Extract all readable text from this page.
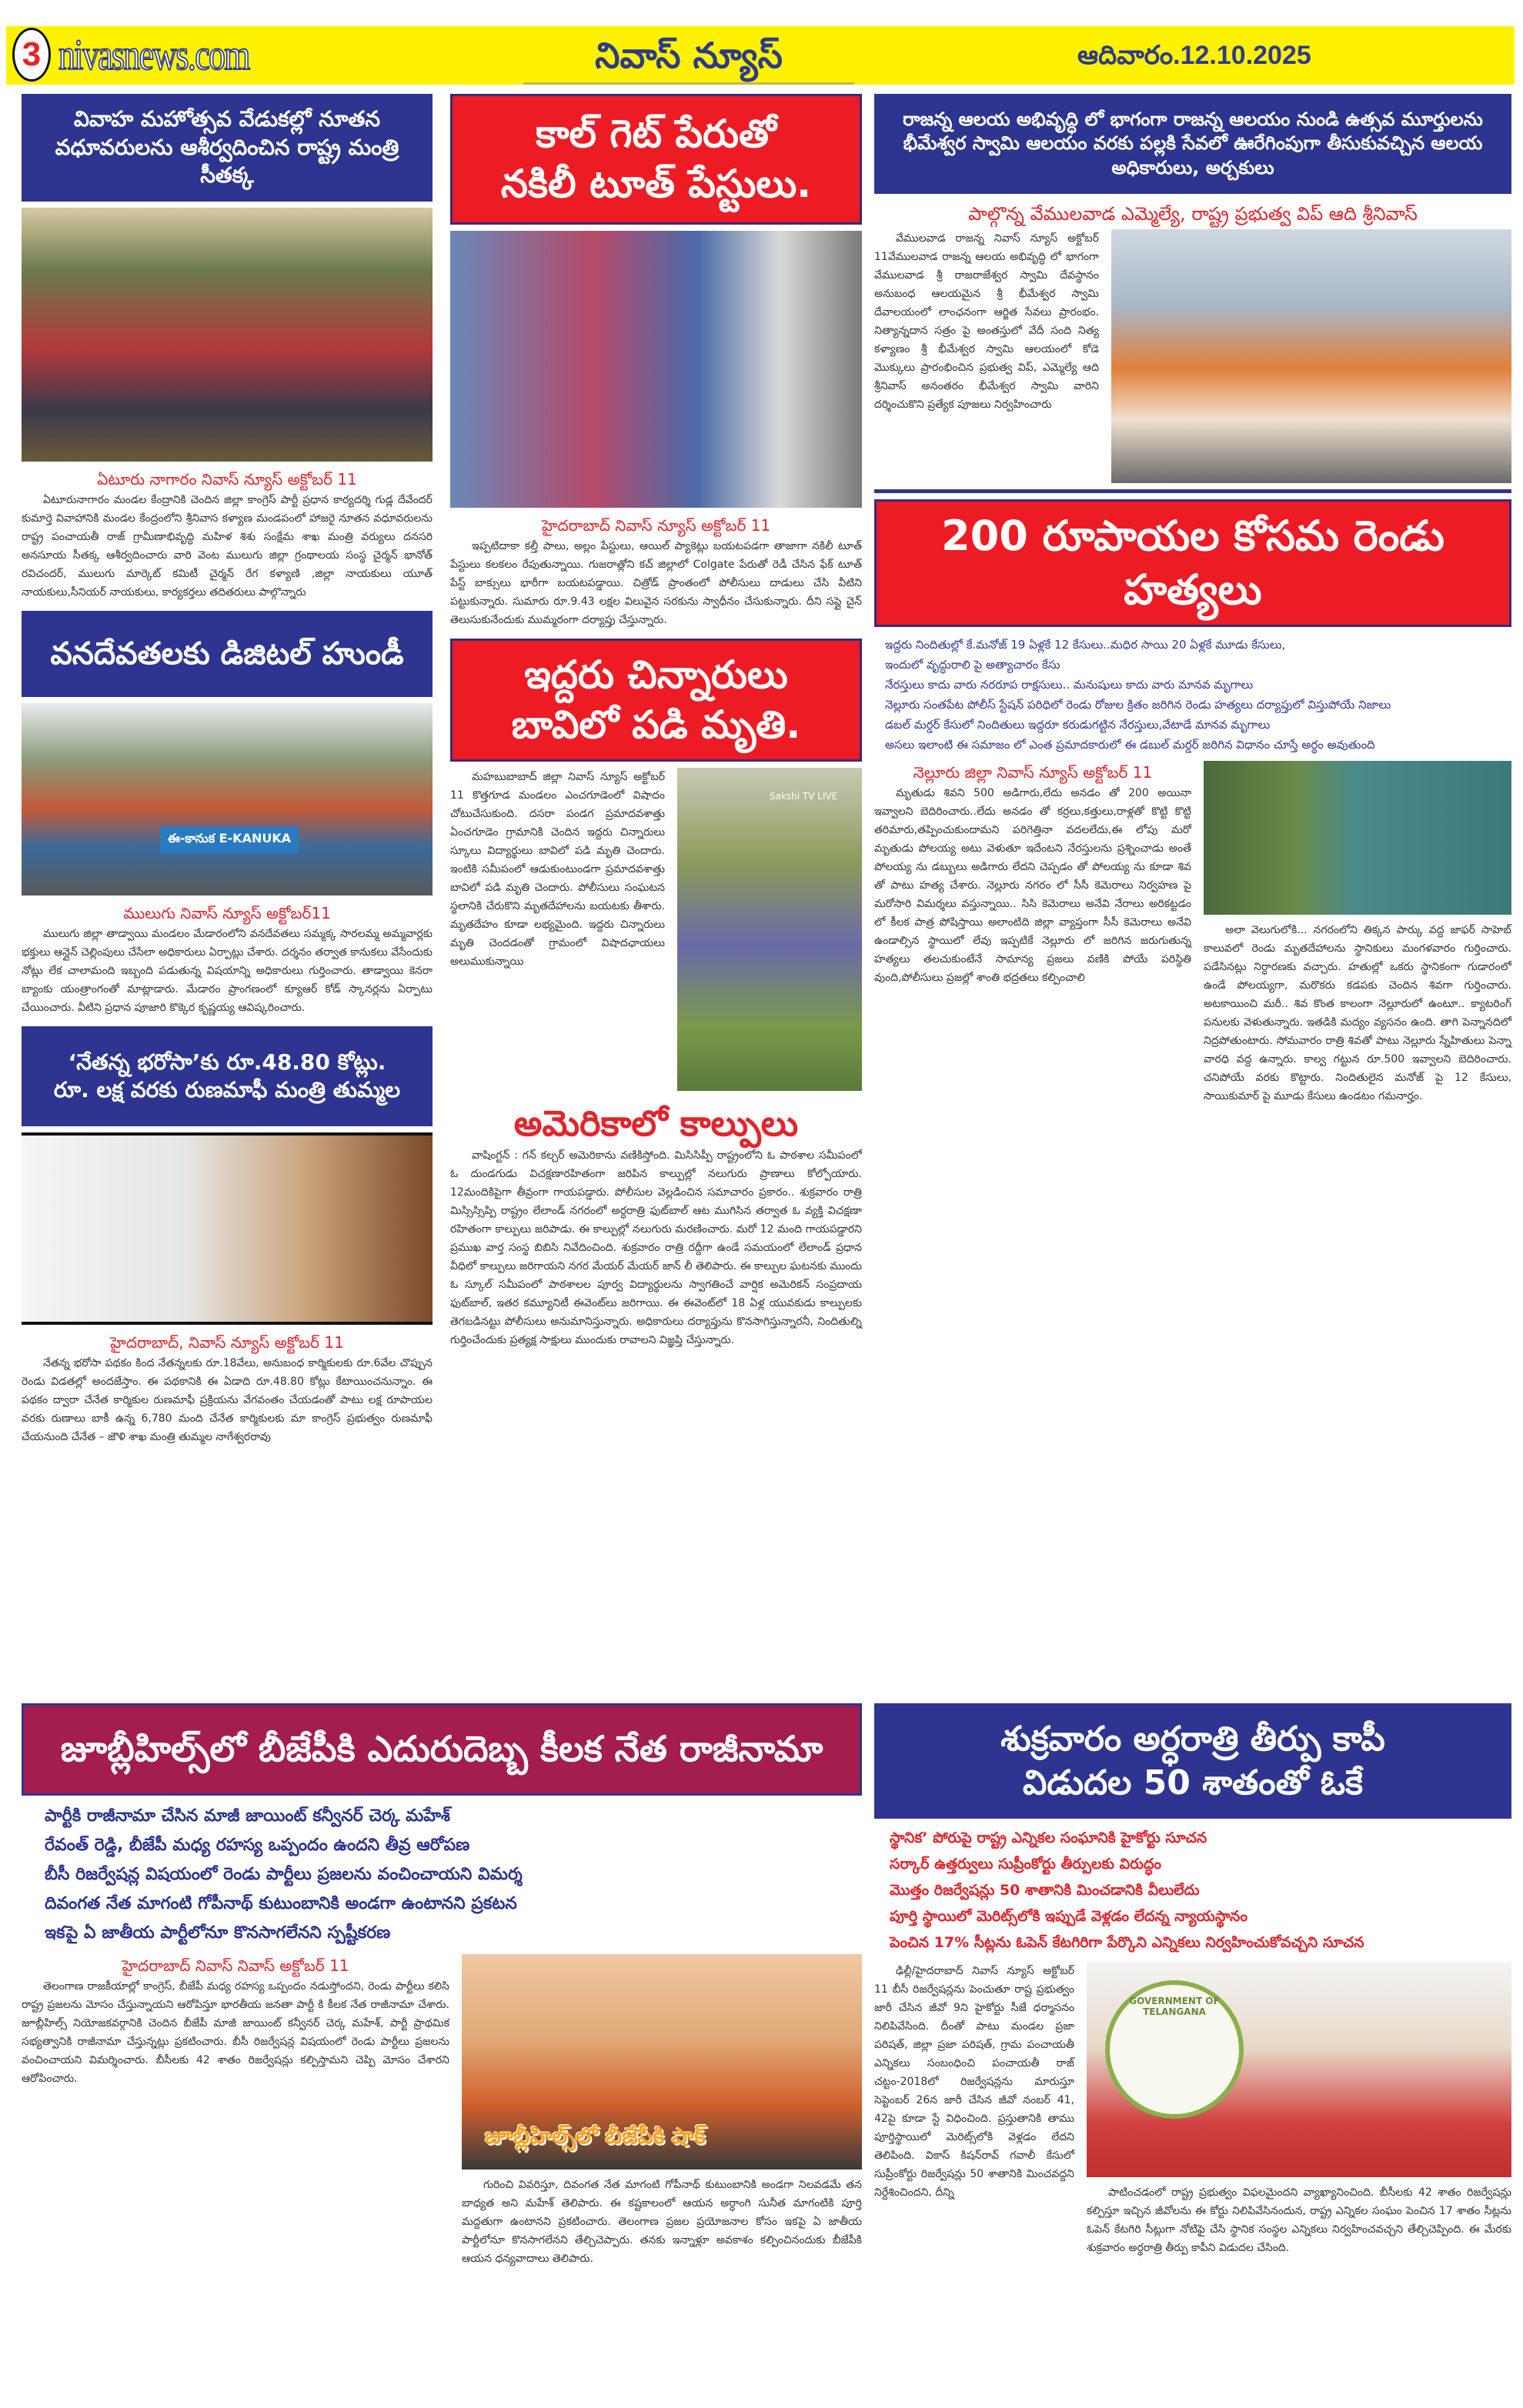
3 nivasnews.com	నివాస్ న్యూస్	ఆదివారం.12.10.2025
వివాహ మహోత్సవ వేడుకల్లో నూతన వధూవరులను ఆశీర్వదించిన రాష్ట్ర మంత్రి సీతక్క
ఏటూరు నాగారం నివాస్ న్యూస్ అక్టోబర్ 11
ఏటూరునాగారం మండల కేంద్రానికి చెందిన జిల్లా కాంగ్రెస్ పార్టీ ప్రధాన కార్యదర్శి గుడ్ల దేవేందర్ కుమార్తె వివాహానికి మండల కేంద్రంలోని శ్రీనివాస కళ్యాణ మండపంలో హాజరై నూతన వధూవరులను రాష్ట్ర పంచాయతీ రాజ్ గ్రామీణాభివృద్ధి మహిళ శిశు సంక్షేమ శాఖ మంత్రి వర్యులు దనసరి అనసూయ సీతక్క ఆశీర్వదించారు వారి వెంట ములుగు జిల్లా గ్రంథాలయ సంస్థ చైర్మన్ భానోత్ రవిచందర్, ములుగు మార్కెట్ కమిటీ చైర్మన్ రేగ కళ్యాణి ,జిల్లా నాయకులు యూత్ నాయకులు,సీనియర్ నాయకులు, కార్యకర్తలు తదితరులు పాల్గొన్నారు
వనదేవతలకు డిజిటల్ హుండీ
ఈ-కానుక E-KANUKA
ములుగు నివాస్ న్యూస్ అక్టోబర్11
ములుగు జిల్లా తాడ్వాయి మండలం మేడారంలోని వనదేవతలు సమ్మక్క సారలమ్మ అమ్మవార్లకు భక్తులు ఆన్లైన్ చెల్లింపులు చేసేలా అధికారులు ఏర్పాట్లు చేశారు. దర్శనం తర్వాత కానుకలు వేసేందుకు నోట్లు లేక చాలామంది ఇబ్బంది పడుతున్న విషయాన్ని అధికారులు గుర్తించారు. తాడ్వాయి కెనరా బ్యాంకు యంత్రాంగంతో మాట్లాడారు. మేడారం ప్రాంగణంలో క్యూఆర్ కోడ్ స్కానర్లను ఏర్పాటు చేయించారు. వీటిని ప్రధాన పూజారి కొక్కెర కృష్ణయ్య ఆవిష్కరించారు.
‘నేతన్న భరోసా’కు రూ.48.80 కోట్లు.
రూ. లక్ష వరకు రుణమాఫీ మంత్రి తుమ్మల
హైదరాబాద్, నివాస్ న్యూస్ అక్టోబర్ 11
నేతన్న భరోసా పథకం కింద నేతన్నలకు రూ.18వేలు, అనుబంధ కార్మికులకు రూ.6వేల చొప్పున రెండు విడతల్లో అందజేస్తాం. ఈ పథకానికి ఈ ఏడాది రూ.48.80 కోట్లు కేటాయించనున్నాం. ఈ పథకం ద్వారా చేనేత కార్మికుల రుణమాఫీ ప్రక్రియను వేగవంతం చేయడంతో పాటు లక్ష రూపాయల వరకు రుణాలు బాకీ ఉన్న 6,780 మంది చేనేత కార్మికులకు మా కాంగ్రెస్ ప్రభుత్వం రుణమాఫీ చేయనుంది చేనేత – జౌళి శాఖ మంత్రి తుమ్మల నాగేశ్వరరావు
కాల్ గెట్ పేరుతో
నకిలీ టూత్ పేస్టులు.
హైదరాబాద్ నివాస్ న్యూస్ అక్టోబర్ 11
ఇప్పటిదాకా కల్తీ పాలు, అల్లం పేస్టులు, ఆయిల్ ప్యాకెట్లు బయటపడగా తాజాగా నకిలీ టూత్ పేస్టులు కలకలం రేపుతున్నాయి. గుజరాత్లోని కచ్ జిల్లాలో Colgate పేరుతో రెడీ చేసిన ఫేక్ టూత్ పేస్ట్ బాక్సులు భారీగా బయటపడ్డాయి. చిత్రోడ్ ప్రాంతంలో పోలీసులు దాడులు చేసి వీటిని పట్టుకున్నారు. సుమారు రూ.9.43 లక్షల విలువైన సరకును స్వాధీనం చేసుకున్నారు. దీని సప్లై చైన్ తెలుసుకునేందుకు ముమ్మరంగా దర్యాప్తు చేస్తున్నారు.
ఇద్దరు చిన్నారులు
బావిలో పడి మృతి.
మహబుబాబాద్ జిల్లా నివాస్ న్యూస్ అక్టోబర్ 11 కొత్తగూడ మండలం ఎంచగూడెంలో విషాదం చోటుచేసుకుంది. దసరా పండగ ప్రమాదవశాత్తు ఏంచగూడెం గ్రామానికి చెందిన ఇద్దరు చిన్నారులు స్కూలు విద్యార్థులు బావిలో పడి మృతి చెందారు. ఇంటికి సమీపంలో ఆడుకుంటుండగా ప్రమాదవశాత్తు బావిలో పడి మృతి చెందారు. పోలీసులు సంఘటన స్థలానికి చేరుకొని మృతదేహాలను బయటకు తీశారు. మృతదేహం కూడా లభ్యమైంది. ఇద్దరు చిన్నారులు మృతి చెందడంతో గ్రామంలో విషాదఛాయలు అలుముకున్నాయి
Sakshi TV LIVE
అమెరికాలో కాల్పులు
వాషింగ్టన్ : గన్ కల్చర్ అమెరికాను వణికిస్తోంది. మిసిసిప్పీ రాష్ట్రంలోని ఓ పాఠశాల సమీపంలో ఓ దుండగుడు విచక్షణారహితంగా జరిపిన కాల్పుల్లో నలుగురు ప్రాణాలు కోల్పోయారు. 12మందికిపైగా తీవ్రంగా గాయపడ్డారు. పోలీసుల వెల్లడించిన సమాచారం ప్రకారం.. శుక్రవారం రాత్రి మిస్సిస్సిప్పి రాష్ట్రం లేలాండ్ నగరంలో అర్ధరాత్రి ఫుట్‌బాల్ ఆట ముగిసిన తర్వాత ఓ వ్యక్తి విచక్షణా రహితంగా కాల్పులు జరిపాడు. ఈ కాల్పుల్లో నలుగురు మరణించారు. మరో 12 మంది గాయపడ్డారని ప్రముఖ వార్త సంస్థ బిబిసి నివేదించింది. శుక్రవారం రాత్రి రద్దీగా ఉండే సమయంలో లేలాండ్ ప్రధాన వీధిలో కాల్పులు జరిగాయని నగర మేయర్ మేయర్ జాన్ లీ తెలిపారు. ఈ కాల్పుల ఘటనకు ముందు ఓ స్కూల్ సమీపంలో పాఠశాలల పూర్వ విద్యార్థులను స్వాగతించే వార్షిక అమెరికన్ సంప్రదాయ ఫుట్‌బాల్, ఇతర కమ్యూనిటీ ఈవెంట్‌లు జరిగాయి. ఈ ఈవెంట్‌లో 18 ఏళ్ల యువకుడు కాల్పులకు తెగబడినట్టు పోలీసులు అనుమానిస్తున్నారు. అధికారులు దర్యాప్తును కొనసాగిస్తున్నారనీ, నిందితుల్ని గుర్తించేందుకు ప్రత్యక్ష సాక్షులు ముందుకు రావాలని విజ్ఞప్తి చేస్తున్నారు.
రాజన్న ఆలయ అభివృద్ధి లో భాగంగా రాజన్న ఆలయం నుండి ఉత్సవ మూర్తులను భీమేశ్వర స్వామి ఆలయం వరకు పల్లకి సేవలో ఊరేగింపుగా తీసుకువచ్చిన ఆలయ అధికారులు, అర్చకులు
పాల్గొన్న వేములవాడ ఎమ్మెల్యే, రాష్ట్ర ప్రభుత్వ విప్ ఆది శ్రీనివాస్
వేములవాడ రాజన్న నివాస్ న్యూస్ అక్టోబర్ 11వేములవాడ రాజన్న ఆలయ అభివృద్ధి లో భాగంగా వేములవాడ శ్రీ రాజరాజేశ్వర స్వామి దేవస్థానం అనుబంధ ఆలయమైన శ్రీ భీమేశ్వర స్వామి దేవాలయంలో లాంఛనంగా ఆర్జిత సేవలు ప్రారంభం. నిత్యాన్నదాన సత్రం పై అంతస్తులో వేదీ సంది నిత్య కళ్యాణం శ్రీ భీమేశ్వర స్వామి ఆలయంలో కోడె మొక్కులు ప్రారంభించిన ప్రభుత్వ విప్, ఎమ్మెల్యే ఆది శ్రీనివాస్ అనంతరం భీమేశ్వర స్వామి వారిని దర్శించుకొని ప్రత్యేక పూజలు నిర్వహించారు
200 రూపాయల కోసమ రెండు హత్యలు
ఇద్దరు నిందితుల్లో కే.మనోజ్ 19 ఏళ్లకే 12 కేసులు..మధిర సాయి 20 ఏళ్లకే మూడు కేసులు,
ఇందులో వృద్ధురాలి పై అత్యాచారం కేసు
నేరస్తులు కాదు వారు నరరూప రాక్షసులు.. మనుషులు కాదు వారు మానవ మృగాలు
నెల్లూరు సంతపేట పోలీస్ స్టేషన్ పరిధిలో రెండు రోజుల క్రితం జరిగిన రెండు హత్యలు దర్యాప్తులో విస్తుపోయే నిజాలు
డబల్ మర్డర్ కేసులో నిందితులు ఇద్దరూ కరుడుగట్టిన నేరస్తులు,వేటాడే మానవ మృగాలు
అసలు ఇలాంటి ఈ సమాజం లో ఎంత ప్రమాదకారులో ఈ డబుల్ మర్డర్ జరిగిన విధానం చూస్తే అర్థం అవుతుంది
నెల్లూరు జిల్లా నివాస్ న్యూస్ అక్టోబర్ 11
మృతుడు శివని 500 అడిగారు,లేదు అనడం తో 200 అయినా ఇవ్వాలని బెదిరించారు..లేదు అనడం తో కర్రలు,కత్తులు,రాళ్లతో కొట్టి కొట్టి తరిమారు,తప్పించుకుందామని పరిగెత్తినా వదలలేదు,ఈ లోపు మరో మృతుడు పోలయ్య అటు వెళుతూ ఇదేంటని నేరస్తులను ప్రశ్నించాడు అంతే పోలయ్య ను డబ్బులు అడిగారు లేదని చెప్పడం తో పోలయ్య ను కూడా శివ తో పాటు హత్య చేశారు. నెల్లూరు నగరం లో సీసీ కెమెరాలు నిర్వహణ పై మరోసారి విమర్శలు వస్తున్నాయి.. సిసి కెమెరాలు అనేవి నేరాలు అరికట్టడం లో కీలక పాత్ర పోషిస్తాయి అలాంటిది జిల్లా వ్యాప్తంగా సీసీ కెమెరాలు అనేవి ఉండాల్సిన స్థాయిలో లేవు ఇప్పటికే నెల్లూరు లో జరిగిన జరుగుతున్న హత్యలు తలచుకుంటేనే సామాన్య ప్రజలు వణికి పోయే పరిస్థితి వుంది,పోలీసులు ప్రజల్లో శాంతి భద్రతలు కల్పించాలి
అలా వెలుగులోకి... నగరంలోని తిక్కన పార్కు వద్ద జాఫర్ సాహెబ్ కాలువలో రెండు మృతదేహాలను స్థానికులు మంగళవారం గుర్తించారు. పడేసినట్లు నిర్ధారణకు వచ్చారు. హతుల్లో ఒకరు స్థానికంగా గుడారంలో ఉండే పోలయ్యగా, మరొకరు కడపకు చెందిన శివగా గుర్తించారు. అటకాయించి మరీ.. శివ కొంత కాలంగా నెల్లూరులో ఉంటూ.. క్యాటరింగ్ పనులకు వెళుతున్నారు. ఇతడికి మద్యం వ్యసనం ఉంది. తాగి పెన్నానదిలో నిద్రపోతుంటారు. సోమవారం రాత్రి శివతో పాటు నెల్లూరు స్నేహితులు పెన్నా వారధి వద్ద ఉన్నారు. కాల్వ గట్టున రూ.500 ఇవ్వాలని బెదిరించారు. చనిపోయే వరకు కొట్టారు. నిందితులైన మనోజ్ పై 12 కేసులు, సాయికుమార్ పై మూడు కేసులు ఉండటం గమనార్హం.
జూబ్లీహిల్స్‌లో బీజేపీకి ఎదురుదెబ్బ కీలక నేత రాజీనామా
పార్టీకి రాజీనామా చేసిన మాజీ జాయింట్ కన్వీనర్ చెర్క మహేశ్
రేవంత్ రెడ్డి, బీజేపీ మధ్య రహస్య ఒప్పందం ఉందని తీవ్ర ఆరోపణ
బీసీ రిజర్వేషన్ల విషయంలో రెండు పార్టీలు ప్రజలను వంచించాయని విమర్శ
దివంగత నేత మాగంటి గోపీనాథ్ కుటుంబానికి అండగా ఉంటానని ప్రకటన
ఇకపై ఏ జాతీయ పార్టీలోనూ కొనసాగలేనని స్పష్టీకరణ
హైదరాబాద్ నివాస్ నివాస్ అక్టోబర్ 11
తెలంగాణ రాజకీయాల్లో కాంగ్రెస్, బీజేపీ మధ్య రహస్య ఒప్పందం నడుస్తోందని, రెండు పార్టీలు కలిసి రాష్ట్ర ప్రజలను మోసం చేస్తున్నాయని ఆరోపిస్తూ భారతీయ జనతా పార్టీ కి కీలక నేత రాజీనామా చేశారు. జూబ్లీహిల్స్ నియోజకవర్గానికి చెందిన బీజేపీ మాజీ జాయింట్ కన్వీనర్ చెర్క మహేశ్, పార్టీ ప్రాథమిక సభ్యత్వానికి రాజీనామా చేస్తున్నట్లు ప్రకటించారు. బీసీ రిజర్వేషన్ల విషయంలో రెండు పార్టీలు ప్రజలను వంచించాయని విమర్శించారు. బీసీలకు 42 శాతం రిజర్వేషన్లు కల్పిస్తామని చెప్పి మోసం చేశారని ఆరోపించారు.
జూబ్లీహిల్స్‌లో బీజేపీకి షాక్
గురించి వివరిస్తూ, దివంగత నేత మాగంటి గోపీనాథ్ కుటుంబానికి అండగా నిలవడమే తన బాధ్యత అని మహేశ్ తెలిపారు. ఈ కష్టకాలంలో ఆయన అర్ధాంగి సునీత మాగంటికి పూర్తి మద్దతుగా ఉంటానని ప్రకటించారు. తెలంగాణ ప్రజల ప్రయోజనాల కోసం ఇకపై ఏ జాతీయ పార్టీలోనూ కొనసాగలేనని తేల్చిచెప్పారు. తనకు ఇన్నాళ్లూ అవకాశం కల్పించినందుకు బీజేపీకి ఆయన ధన్యవాదాలు తెలిపారు.
శుక్రవారం అర్ధరాత్రి తీర్పు కాపీ
విడుదల 50 శాతంతో ఓకే
స్థానిక’ పోరుపై రాష్ట్ర ఎన్నికల సంఘానికి హైకోర్టు సూచన
సర్కార్ ఉత్తర్వులు సుప్రీంకోర్టు తీర్పులకు విరుద్ధం
మొత్తం రిజర్వేషన్లు 50 శాతానికి మించడానికి వీలులేదు
పూర్తి స్థాయిలో మెరిట్స్‌లోకి ఇప్పుడే వెళ్లడం లేదన్న న్యాయస్థానం
పెంచిన 17% సీట్లను ఓపెన్ కేటగిరిగా పేర్కొని ఎన్నికలు నిర్వహించుకోవచ్చని సూచన
ఢిల్లీ/హైదరాబాద్ నివాస్ న్యూస్ అక్టోబర్ 11 బీసీ రిజర్వేషన్లను పెంచుతూ రాష్ట ప్రభుత్వం జారీ చేసిన జీవో 9ని హైకోర్టు సీజే ధర్మాసనం నిలిపివేసింది. దీంతో పాటు మండల ప్రజా పరిషత్, జిల్లా ప్రజా పరిషత్, గ్రామ పంచాయతీ ఎన్నికలు సంబంధించి పంచాయతీ రాజ్ చట్టం-2018లో రిజర్వేషన్లను మారుస్తూ సెప్టెంబర్ 26న జారీ చేసిన జీవో నంబర్ 41, 42పై కూడా స్టే విధించింది. ప్రస్తుతానికి తాము పూర్తిస్థాయిలో మెరిట్స్‌లోకి వెళ్లడం లేదని తెలిపింది. వికాస్ కిషన్‌రావ్ గవాలీ కేసులో సుప్రీంకోర్టు రిజర్వేషన్లు 50 శాతానికి మించవద్దని నిర్దేశించిందని, దీన్ని
GOVERNMENT OF TELANGANA
పాటించడంలో రాష్ట్ర ప్రభుత్వం విఫలమైందని వ్యాఖ్యానించింది. బీసీలకు 42 శాతం రిజర్వేషన్లు కల్పిస్తూ ఇచ్చిన జీవోలను ఈ కోర్టు నిలిపివేసినందున, రాష్ట్ర ఎన్నికల సంఘం పెంచిన 17 శాతం సీట్లను ఓపెన్ కేటగిరి సీట్లుగా నోటిఫై చేసి స్థానిక సంస్థల ఎన్నికలు నిర్వహించవచ్చని తేల్చిచెప్పింది. ఈ మేరకు శుక్రవారం అర్థరాత్రి తీర్పు కాపీని విడుదల చేసింది.
